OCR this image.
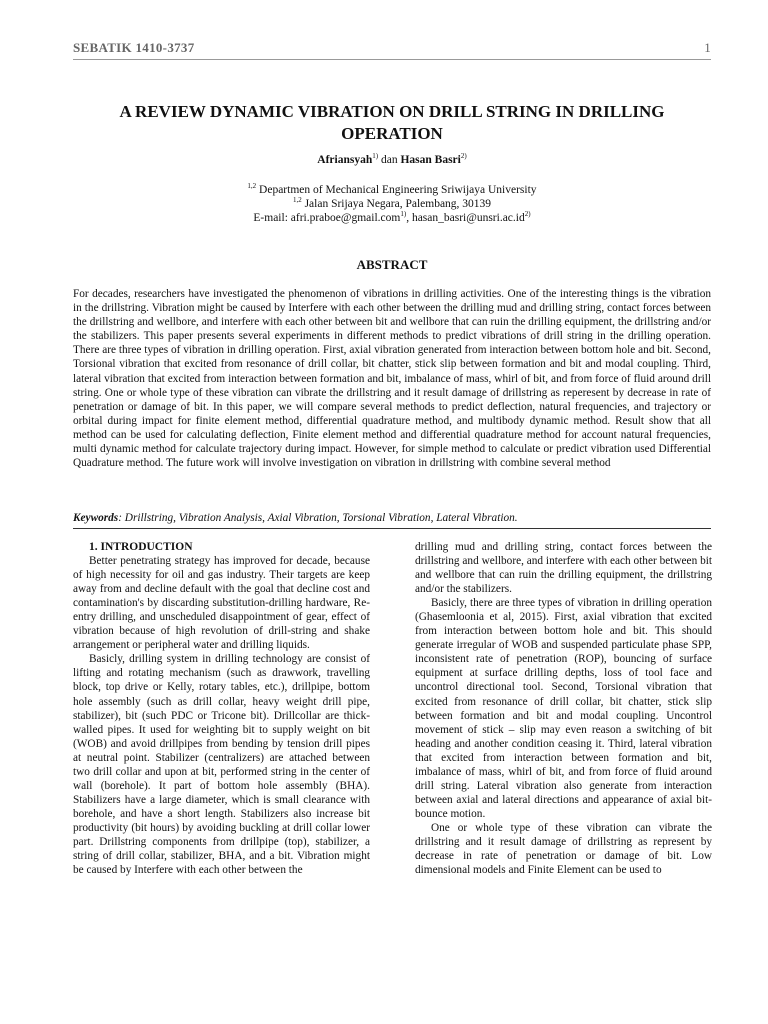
SEBATIK 1410-3737	1
A REVIEW DYNAMIC VIBRATION ON DRILL STRING IN DRILLING OPERATION
Afriansyah$^{1)}$ dan Hasan Basri$^{2)}$
$^{1,2}$ Departmen of Mechanical Engineering Sriwijaya University
$^{1,2}$ Jalan Srijaya Negara, Palembang, 30139
E-mail: afri.praboe@gmail.com$^{1)}$, $hasan\_basri@unsri.ac.id^{2)}$
ABSTRACT
For decades, researchers have investigated the phenomenon of vibrations in drilling activities. One of the interesting things is the vibration in the drillstring. Vibration might be caused by Interfere with each other between the drilling mud and drilling string, contact forces between the drillstring and wellbore, and interfere with each other between bit and wellbore that can ruin the drilling equipment, the drillstring and/or the stabilizers. This paper presents several experiments in different methods to predict vibrations of drill string in the drilling operation. There are three types of vibration in drilling operation. First, axial vibration generated from interaction between bottom hole and bit. Second, Torsional vibration that excited from resonance of drill collar, bit chatter, stick slip between formation and bit and modal coupling. Third, lateral vibration that excited from interaction between formation and bit, imbalance of mass, whirl of bit, and from force of fluid around drill string. One or whole type of these vibration can vibrate the drillstring and it result damage of drillstring as reperesent by decrease in rate of penetration or damage of bit. In this paper, we will compare several methods to predict deflection, natural frequencies, and trajectory or orbital during impact for finite element method, differential quadrature method, and multibody dynamic method. Result show that all method can be used for calculating deflection, Finite element method and differential quadrature method for account natural frequencies, multi dynamic method for calculate trajectory during impact. However, for simple method to calculate or predict vibration used Differential Quadrature method. The future work will involve investigation on vibration in drillstring with combine several method
Keywords: Drillstring, Vibration Analysis, Axial Vibration, Torsional Vibration, Lateral Vibration.

1. INTRODUCTION

Better penetrating strategy has improved for decade, because of high necessity for oil and gas industry. Their targets are keep away from and decline default with the goal that decline cost and contamination's by discarding substitution-drilling hardware, Re-entry drilling, and unscheduled disappointment of gear, effect of vibration because of high revolution of drill-string and shake arrangement or peripheral water and drilling liquids.

Basicly, drilling system in drilling technology are consist of lifting and rotating mechanism (such as drawwork, travelling block, top drive or Kelly, rotary tables, etc.), drillpipe, bottom hole assembly (such as drill collar, heavy weight drill pipe, stabilizer), bit (such PDC or Tricone bit). Drillcollar are thick-walled pipes. It used for weighting bit to supply weight on bit (WOB) and avoid drillpipes from bending by tension drill pipes at neutral point. Stabilizer (centralizers) are attached between two drill collar and upon at bit, performed string in the center of wall (borehole). It part of bottom hole assembly (BHA). Stabilizers have a large diameter, which is small clearance with borehole, and have a short length. Stabilizers also increase bit productivity (bit hours) by avoiding buckling at drill collar lower part. Drillstring components from drillpipe (top), stabilizer, a string of drill collar, stabilizer, BHA, and a bit. Vibration might be caused by Interfere with each other between the

drilling mud and drilling string, contact forces between the drillstring and wellbore, and interfere with each other between bit and wellbore that can ruin the drilling equipment, the drillstring and/or the stabilizers.

Basicly, there are three types of vibration in drilling operation (Ghasemloonia et al, 2015). First, axial vibration that excited from interaction between bottom hole and bit. This should generate irregular of WOB and suspended particulate phase SPP, inconsistent rate of penetration (ROP), bouncing of surface equipment at surface drilling depths, loss of tool face and uncontrol directional tool. Second, Torsional vibration that excited from resonance of drill collar, bit chatter, stick slip between formation and bit and modal coupling. Uncontrol movement of stick – slip may even reason a switching of bit heading and another condition ceasing it. Third, lateral vibration that excited from interaction between formation and bit, imbalance of mass, whirl of bit, and from force of fluid around drill string. Lateral vibration also generate from interaction between axial and lateral directions and appearance of axial bit-bounce motion.

One or whole type of these vibration can vibrate the drillstring and it result damage of drillstring as represent by decrease in rate of penetration or damage of bit. Low dimensional models and Finite Element can be used to
